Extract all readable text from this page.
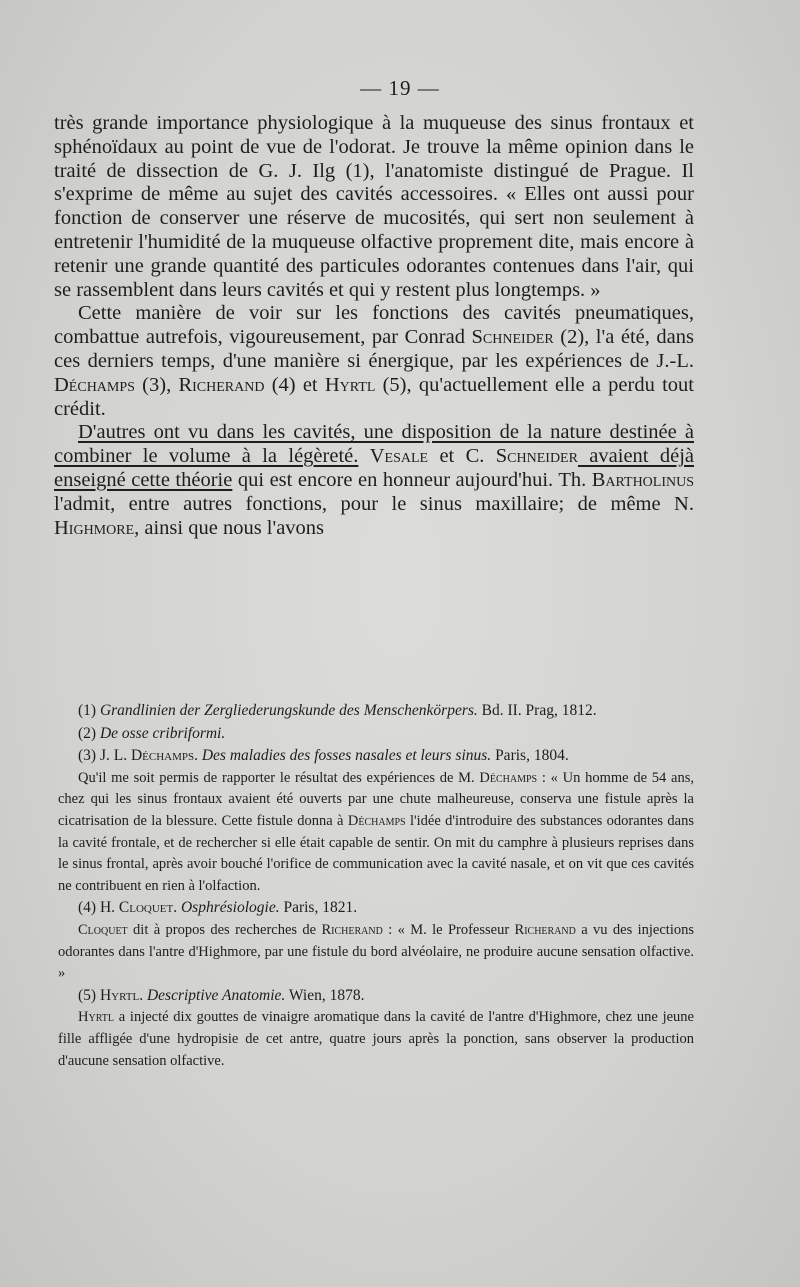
— 19 —

très grande importance physiologique à la muqueuse des sinus frontaux et sphénoïdaux au point de vue de l'odorat. Je trouve la même opinion dans le traité de dissection de G. J. Ilg (1), l'anatomiste distingué de Prague. Il s'exprime de même au sujet des cavités accessoires. « Elles ont aussi pour fonction de conserver une réserve de mucosités, qui sert non seulement à entretenir l'humidité de la muqueuse olfactive proprement dite, mais encore à retenir une grande quantité des particules odorantes contenues dans l'air, qui se rassemblent dans leurs cavités et qui y restent plus longtemps. »

Cette manière de voir sur les fonctions des cavités pneumatiques, combattue autrefois, vigoureusement, par Conrad Schneider (2), l'a été, dans ces derniers temps, d'une manière si énergique, par les expériences de J.-L. Déchamps (3), Richerand (4) et Hyrtl (5), qu'actuellement elle a perdu tout crédit.

D'autres ont vu dans les cavités, une disposition de la nature destinée à combiner le volume à la légèreté. Vesale et C. Schneider avaient déjà enseigné cette théorie qui est encore en honneur aujourd'hui. Th. Bartholinus l'admit, entre autres fonctions, pour le sinus maxillaire; de même N. Highmore, ainsi que nous l'avons

(1) Grandlinien der Zergliederungskunde des Menschenkörpers. Bd. II. Prag, 1812.

(2) De osse cribriformi.

(3) J. L. Déchamps. Des maladies des fosses nasales et leurs sinus. Paris, 1804.

Qu'il me soit permis de rapporter le résultat des expériences de M. Déchamps : « Un homme de 54 ans, chez qui les sinus frontaux avaient été ouverts par une chute malheureuse, conserva une fistule après la cicatrisation de la blessure. Cette fistule donna à Déchamps l'idée d'introduire des substances odorantes dans la cavité frontale, et de rechercher si elle était capable de sentir. On mit du camphre à plusieurs reprises dans le sinus frontal, après avoir bouché l'orifice de communication avec la cavité nasale, et on vit que ces cavités ne contribuent en rien à l'olfaction.

(4) H. Cloquet. Osphrésiologie. Paris, 1821.

Cloquet dit à propos des recherches de Richerand : « M. le Professeur Richerand a vu des injections odorantes dans l'antre d'Highmore, par une fistule du bord alvéolaire, ne produire aucune sensation olfactive. »

(5) Hyrtl. Descriptive Anatomie. Wien, 1878.

Hyrtl a injecté dix gouttes de vinaigre aromatique dans la cavité de l'antre d'Highmore, chez une jeune fille affligée d'une hydropisie de cet antre, quatre jours après la ponction, sans observer la production d'aucune sensation olfactive.
